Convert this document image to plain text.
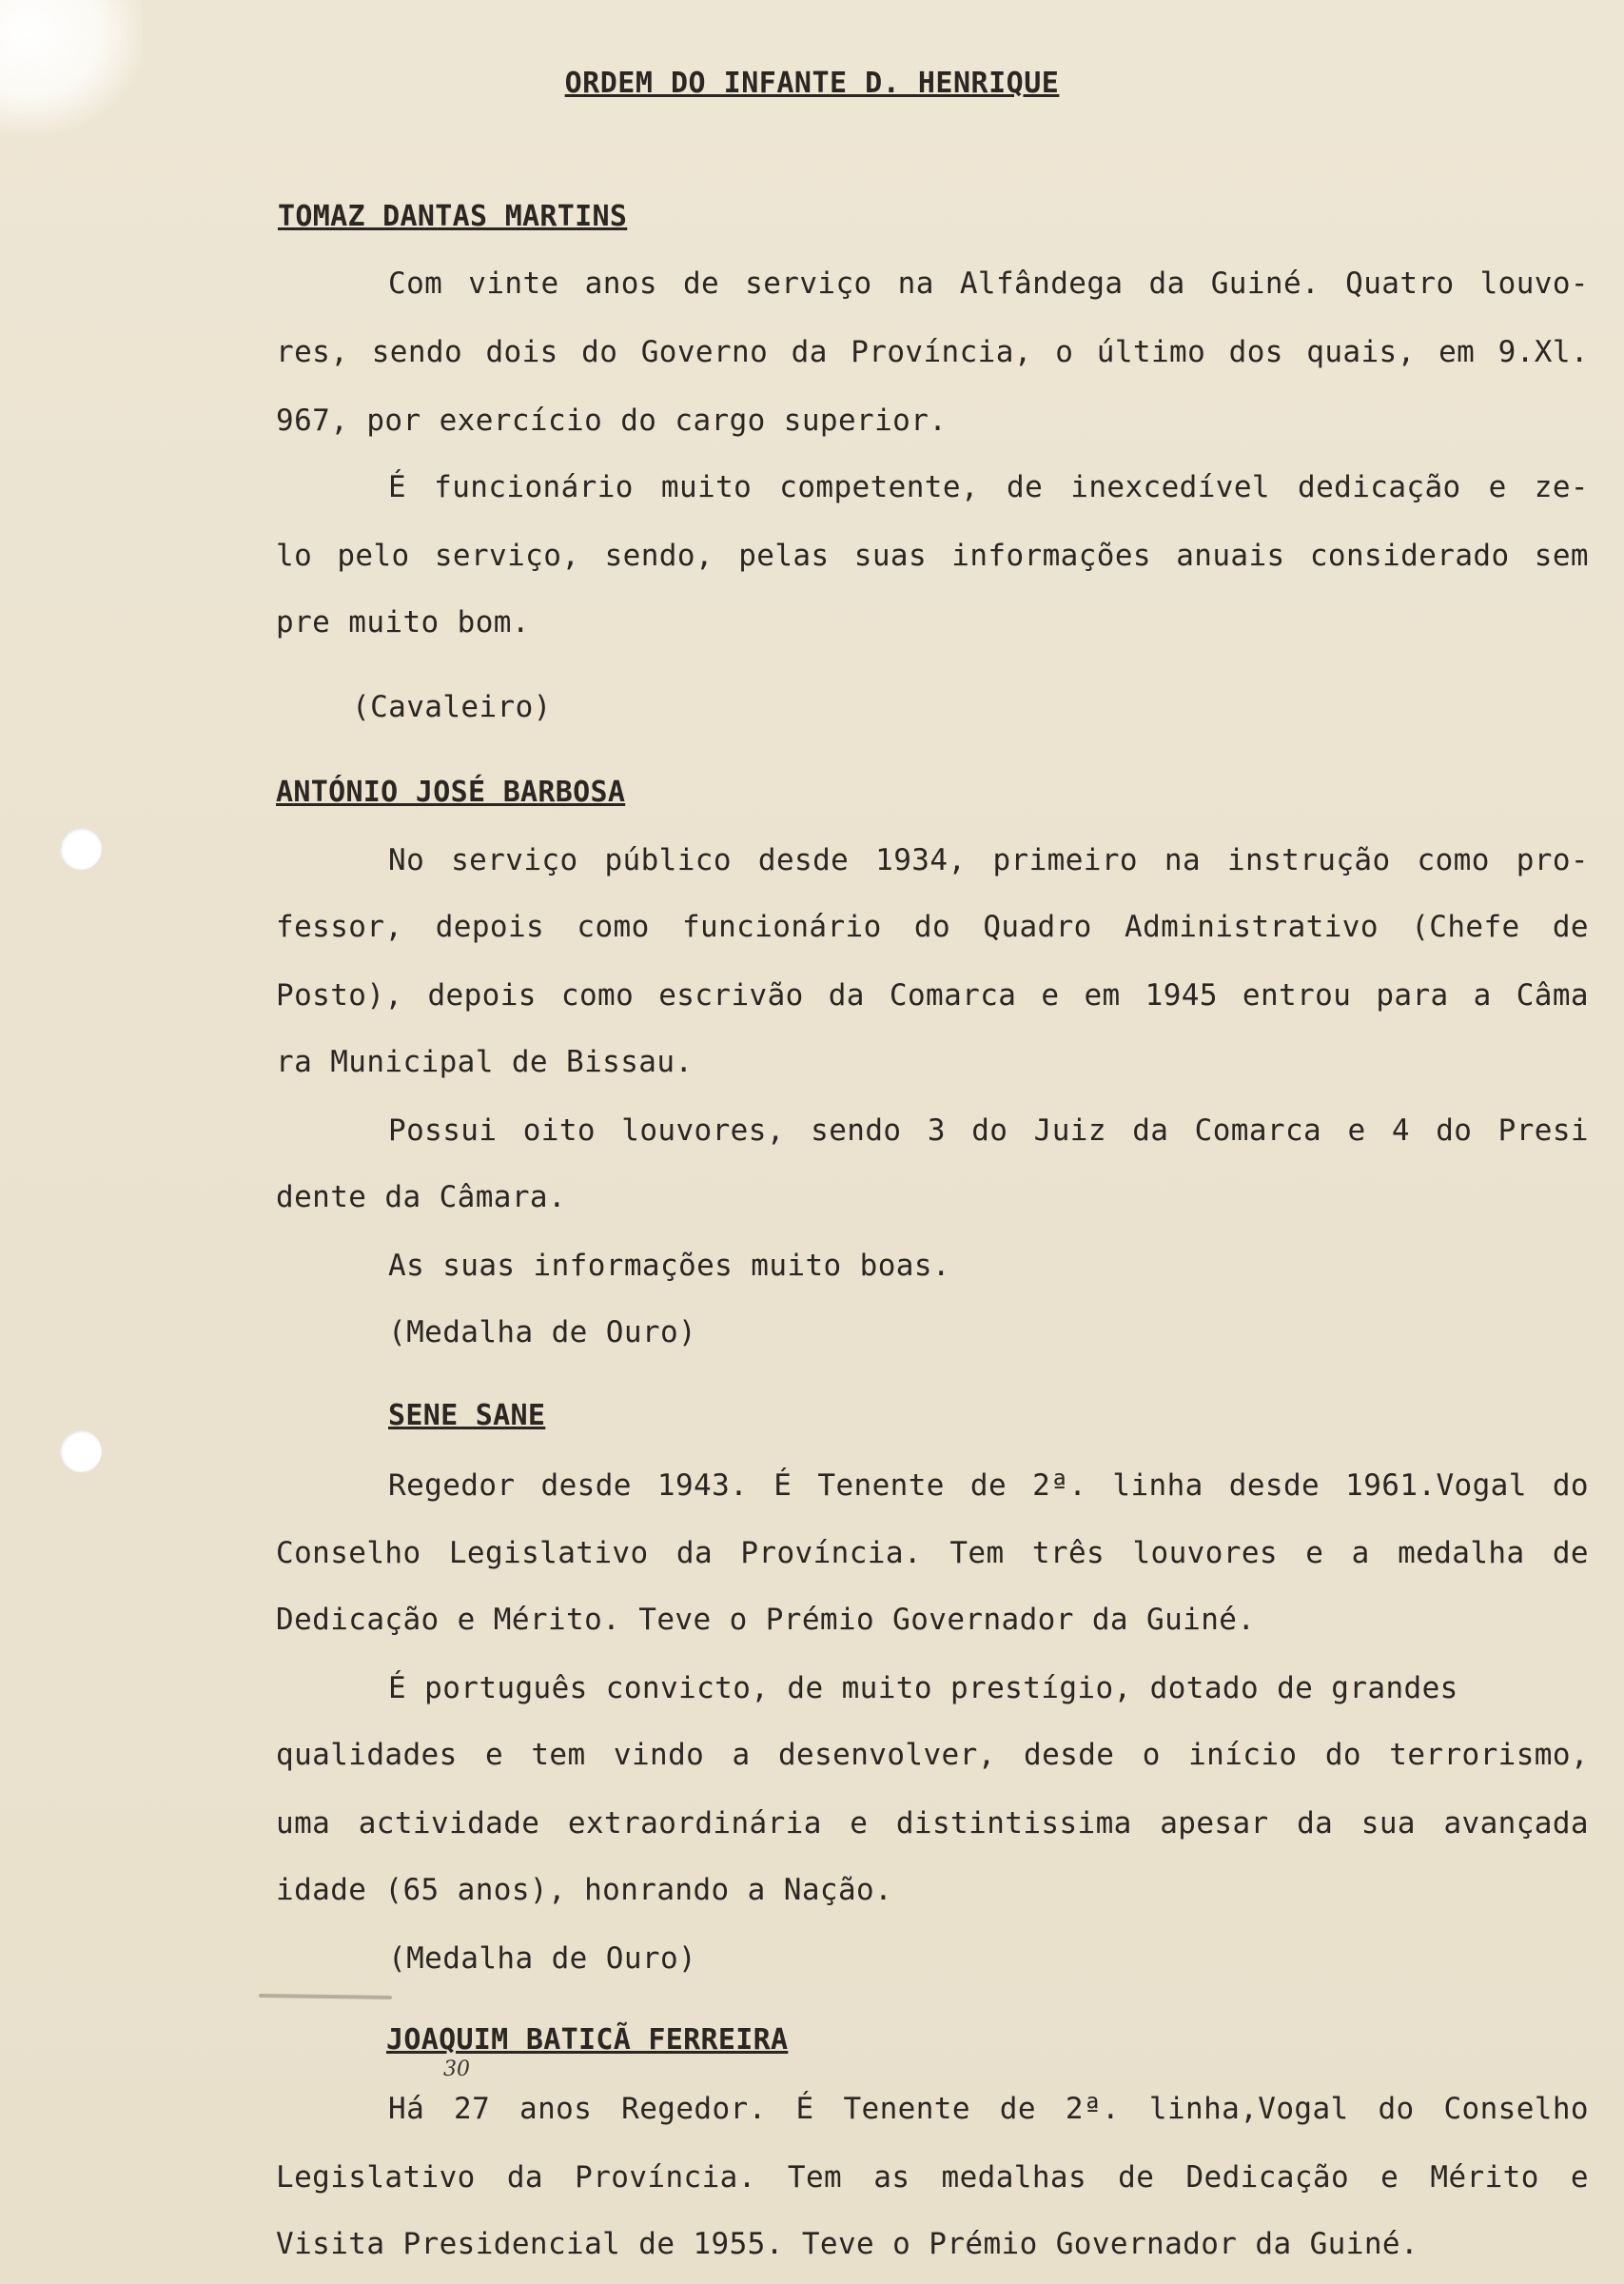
ORDEM DO INFANTE D. HENRIQUE
TOMAZ DANTAS MARTINS
Com vinte anos de serviço na Alfândega da Guiné. Quatro louvo-
res, sendo dois do Governo da Província, o último dos quais, em 9.Xl.
967, por exercício do cargo superior.
É funcionário muito competente, de inexcedível dedicação e ze-
lo pelo serviço, sendo, pelas suas informações anuais considerado sem
pre muito bom.
(Cavaleiro)
ANTÓNIO JOSÉ BARBOSA
No serviço público desde 1934, primeiro na instrução como pro-
fessor, depois como funcionário do Quadro Administrativo (Chefe de
Posto), depois como escrivão da Comarca e em 1945 entrou para a Câma
ra Municipal de Bissau.
Possui oito louvores, sendo 3 do Juiz da Comarca e 4 do Presi
dente da Câmara.
As suas informações muito boas.
(Medalha de Ouro)
SENE SANE
Regedor desde 1943. É Tenente de 2ª. linha desde 1961.Vogal do
Conselho Legislativo da Província. Tem três louvores e a medalha de
Dedicação e Mérito. Teve o Prémio Governador da Guiné.
É português convicto, de muito prestígio, dotado de grandes
qualidades e tem vindo a desenvolver, desde o início do terrorismo,
uma actividade extraordinária e distintissima apesar da sua avançada
idade (65 anos), honrando a Nação.
(Medalha de Ouro)
JOAQUIM BATICÃ FERREIRA
30
Há 27 anos Regedor. É Tenente de 2ª. linha,Vogal do Conselho
Legislativo da Província. Tem as medalhas de Dedicação e Mérito e
Visita Presidencial de 1955. Teve o Prémio Governador da Guiné.
